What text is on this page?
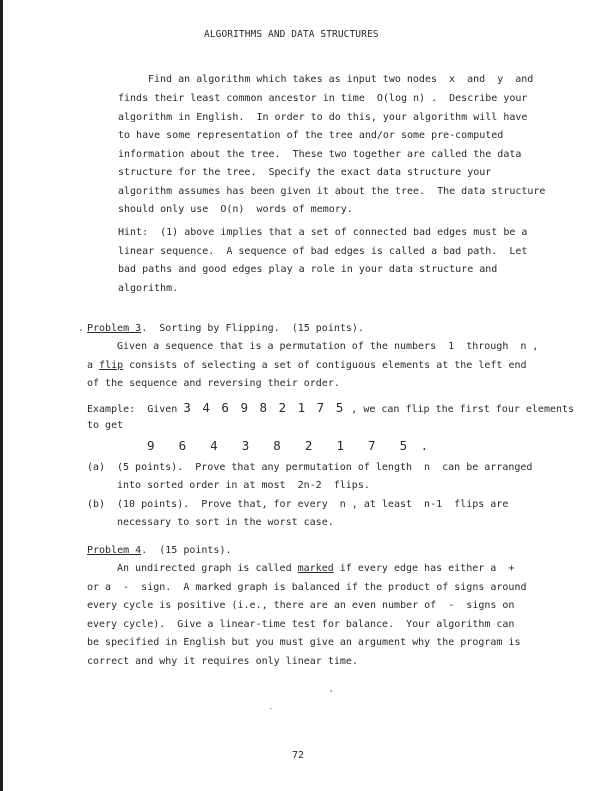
ALGORITHMS AND DATA STRUCTURES
Find an algorithm which takes as input two nodes  x  and  y  and
finds their least common ancestor in time  O(log n) .  Describe your
algorithm in English.  In order to do this, your algorithm will have
to have some representation of the tree and/or some pre-computed
information about the tree.  These two together are called the data
structure for the tree.  Specify the exact data structure your
algorithm assumes has been given it about the tree.  The data structure
should only use  O(n)  words of memory.
Hint:  (1) above implies that a set of connected bad edges must be a
linear sequence.  A sequence of bad edges is called a bad path.  Let
bad paths and good edges play a role in your data structure and
algorithm.
Problem 3.  Sorting by Flipping.  (15 points).
Given a sequence that is a permutation of the numbers  1  through  n ,
a flip consists of selecting a set of contiguous elements at the left end
of the sequence and reversing their order.
Example:  Given 3 4 6 9 8 2 1 7 5 , we can flip the first four elements
to get
9  6  4  3  8  2  1  7  5 .
(a) (5 points).  Prove that any permutation of length  n  can be arranged
into sorted order in at most  2n-2  flips.
(b) (10 points).  Prove that, for every  n , at least  n-1  flips are
necessary to sort in the worst case.
Problem 4.  (15 points).
An undirected graph is called marked if every edge has either a  +
or a  -  sign.  A marked graph is balanced if the product of signs around
every cycle is positive (i.e., there are an even number of  -  signs on
every cycle).  Give a linear-time test for balance.  Your algorithm can
be specified in English but you must give an argument why the program is
correct and why it requires only linear time.
72
